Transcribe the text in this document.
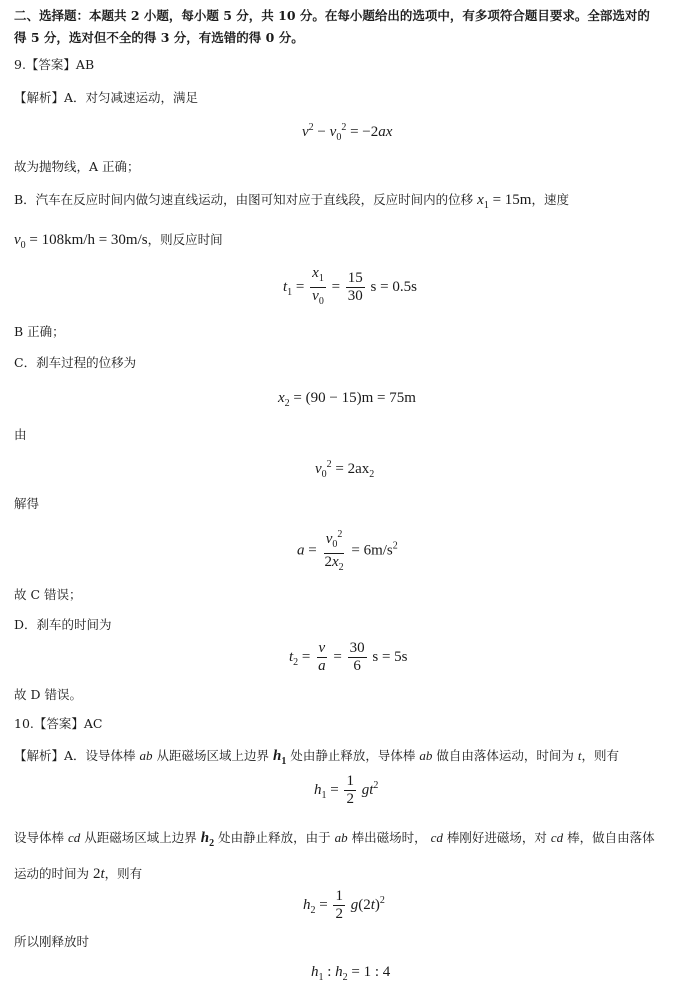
二、选择题：本题共 2 小题，每小题 5 分，共 10 分。在每小题给出的选项中，有多项符合题目要求。全部选对的
得 5 分，选对但不全的得 3 分，有选错的得 0 分。
9.【答案】AB
【解析】A．对匀减速运动，满足
$v^2 - v_0^2 = -2ax$
故为抛物线，A 正确；
B．汽车在反应时间内做匀速直线运动，由图可知对应于直线段，反应时间内的位移 $x_1 = 15m$，速度
$v_0 = 108km/h = 30m/s$，则反应时间
$t_1 = \frac{x_1}{v_0} = \frac{15}{30}$ s = 0.5s
B 正确；
C．刹车过程的位移为
$x_2 = (90 - 15)m = 75m$
由
$v_0^2 = 2ax_2$
解得
$a = \frac{v_0^2}{2x_2} = 6m/s^2$
故 C 错误；
D．刹车的时间为
$t_2 = \frac{v}{a} = \frac{30}{6}$ s = 5s
故 D 错误。
10.【答案】AC
【解析】A．设导体棒 ab 从距磁场区域上边界 $h_1$ 处由静止释放，导体棒 ab 做自由落体运动，时间为 t，则有
$h_1 = \frac{1}{2} gt^2$
设导体棒 cd 从距磁场区域上边界 $h_2$ 处由静止释放，由于 ab 棒出磁场时， cd 棒刚好进磁场，对 cd 棒，做自由落体
运动的时间为 2t，则有
$h_2 = \frac{1}{2} g(2t)^2$
所以刚释放时
$h_1$ : $h_2 = 1$ : 4
